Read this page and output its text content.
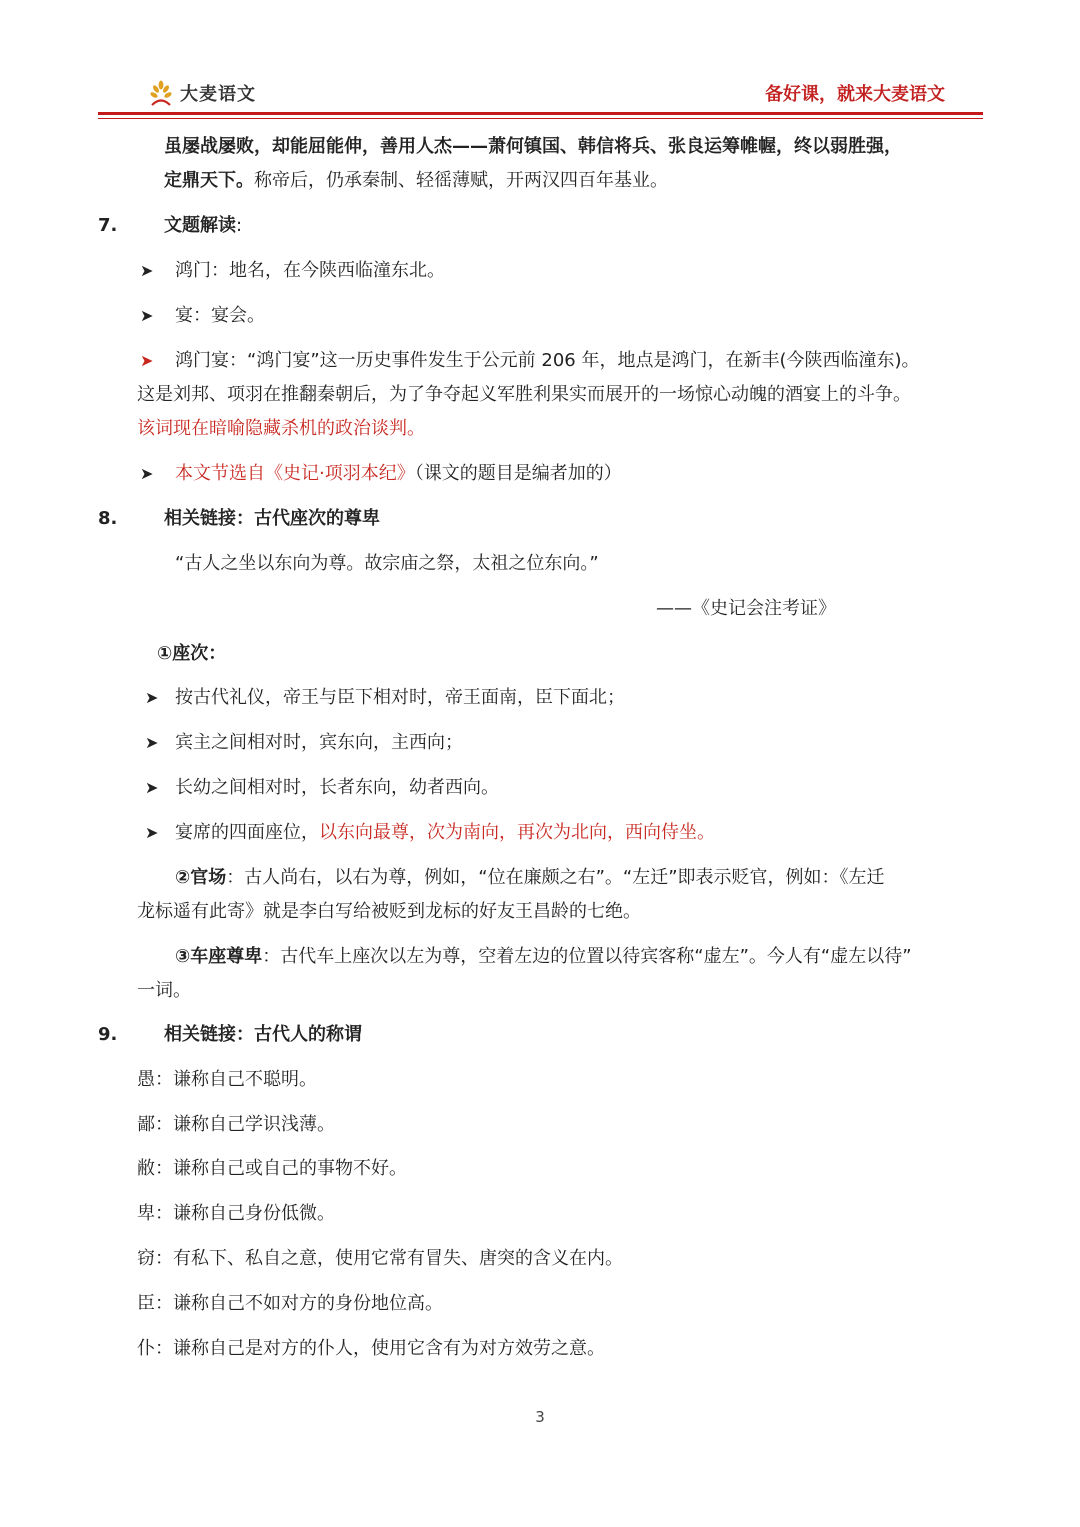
大麦语文	备好课，就来大麦语文
虽屡战屡败，却能屈能伸，善用人杰——萧何镇国、韩信将兵、张良运筹帷幄，终以弱胜强，
定鼎天下。称帝后，仍承秦制、轻徭薄赋，开两汉四百年基业。
7.	文题解读:
➤ 鸿门：地名，在今陕西临潼东北。
➤ 宴：宴会。
➤ 鸿门宴：“鸿门宴”这一历史事件发生于公元前 206 年，地点是鸿门，在新丰(今陕西临潼东)。
这是刘邦、项羽在推翻秦朝后，为了争夺起义军胜利果实而展开的一场惊心动魄的酒宴上的斗争。
该词现在暗喻隐藏杀机的政治谈判。
➤ 本文节选自《史记·项羽本纪》（课文的题目是编者加的）
8.	相关链接：古代座次的尊卑
“古人之坐以东向为尊。故宗庙之祭，太祖之位东向。”
——《史记会注考证》
①座次：
➤ 按古代礼仪，帝王与臣下相对时，帝王面南，臣下面北；
➤ 宾主之间相对时，宾东向，主西向；
➤ 长幼之间相对时，长者东向，幼者西向。
➤ 宴席的四面座位，以东向最尊，次为南向，再次为北向，西向侍坐。
②官场：古人尚右，以右为尊，例如，“位在廉颇之右”。“左迁”即表示贬官，例如：《左迁
龙标遥有此寄》就是李白写给被贬到龙标的好友王昌龄的七绝。
③车座尊卑：古代车上座次以左为尊，空着左边的位置以待宾客称“虚左”。今人有“虚左以待”
一词。
9.	相关链接：古代人的称谓
愚：谦称自己不聪明。
鄙：谦称自己学识浅薄。
敝：谦称自己或自己的事物不好。
卑：谦称自己身份低微。
窃：有私下、私自之意，使用它常有冒失、唐突的含义在内。
臣：谦称自己不如对方的身份地位高。
仆：谦称自己是对方的仆人，使用它含有为对方效劳之意。
3
